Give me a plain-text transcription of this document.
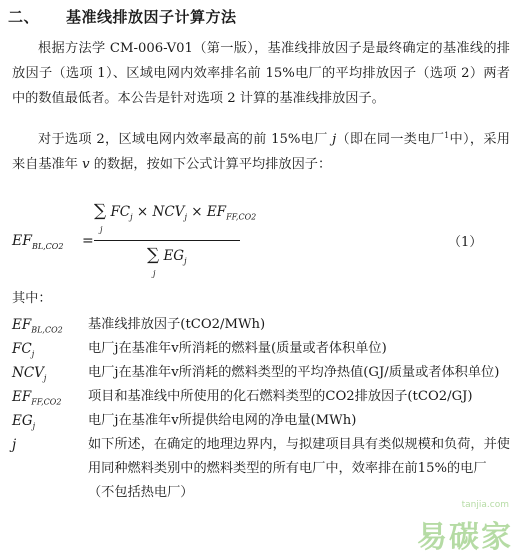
二、 基准线排放因子计算方法

根据方法学 CM-006-V01（第一版），基准线排放因子是最终确定的基准线的排放因子（选项 1）、区域电网内效率排名前 15%电厂的平均排放因子（选项 2）两者中的数值最低者。本公告是针对选项 2 计算的基准线排放因子。

对于选项 2，区域电网内效率最高的前 15%电厂 j（即在同一类电厂$^1$中），采用来自基准年 v 的数据，按如下公式计算平均排放因子：

$EF_{BL,CO2}$ =
∑ $FC_j \times NCV_j \times EF_{FF,CO2}$
j
∑ $EG_j$
j
（1）
其中：
$EF_{BL,CO2}$ 基准线排放因子(tCO2/MWh)
$FC_j$	电厂j在基准年v所消耗的燃料量(质量或者体积单位)
$NCV_j$	电厂j在基准年v所消耗的燃料类型的平均净热值(GJ/质量或者体积单位)
$EF_{FF,CO2}$ 项目和基准线中所使用的化石燃料类型的CO2排放因子(tCO2/GJ)
$EG_j$	电厂j在基准年v所提供给电网的净电量(MWh)
j	如下所述，在确定的地理边界内，与拟建项目具有类似规模和负荷，并使用同种燃料类别中的燃料类型的所有电厂中，效率排在前15%的电厂（不包括热电厂）
tanjia.com
易碳家
